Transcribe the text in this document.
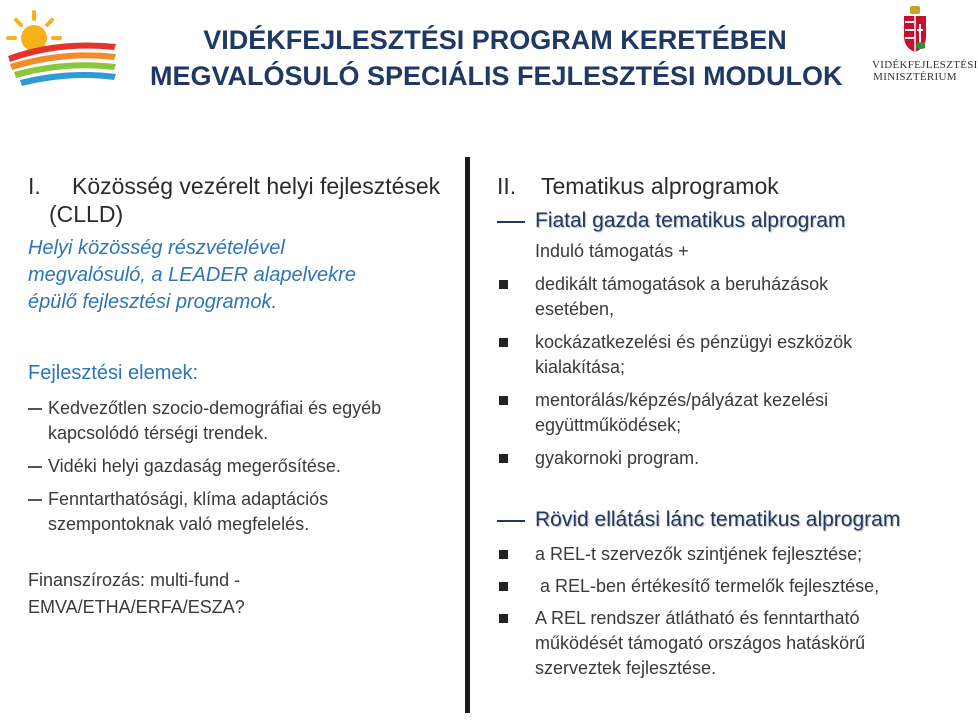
VIDÉKFEJLESZTÉSI PROGRAM KERETÉBEN
MEGVALÓSULÓ SPECIÁLIS FEJLESZTÉSI MODULOK	VIDÉKFEJLESZTÉSI
MINISZTÉRIUM
I.	Közösség vezérelt helyi fejlesztések
(CLLD)
Helyi közösség részvételével
megvalósuló, a LEADER alapelvekre
épülő fejlesztési programok.
Fejlesztési elemek:
Kedvezőtlen szocio-demográfiai és egyéb
kapcsolódó térségi trendek.
Vidéki helyi gazdaság megerősítése.
Fenntarthatósági, klíma adaptációs
szempontoknak való megfelelés.
Finanszírozás: multi-fund -
EMVA/ETHA/ERFA/ESZA?
II.	Tematikus alprogramok
Fiatal gazda tematikus alprogram
Induló támogatás +
dedikált támogatások a beruházások
esetében,
kockázatkezelési és pénzügyi eszközök
kialakítása;
mentorálás/képzés/pályázat kezelési
együttműködések;
gyakornoki program.
Rövid ellátási lánc tematikus alprogram
a REL-t szervezők szintjének fejlesztése;
a REL-ben értékesítő termelők fejlesztése,
A REL rendszer átlátható és fenntartható
működését támogató országos hatáskörű
szerveztek fejlesztése.
